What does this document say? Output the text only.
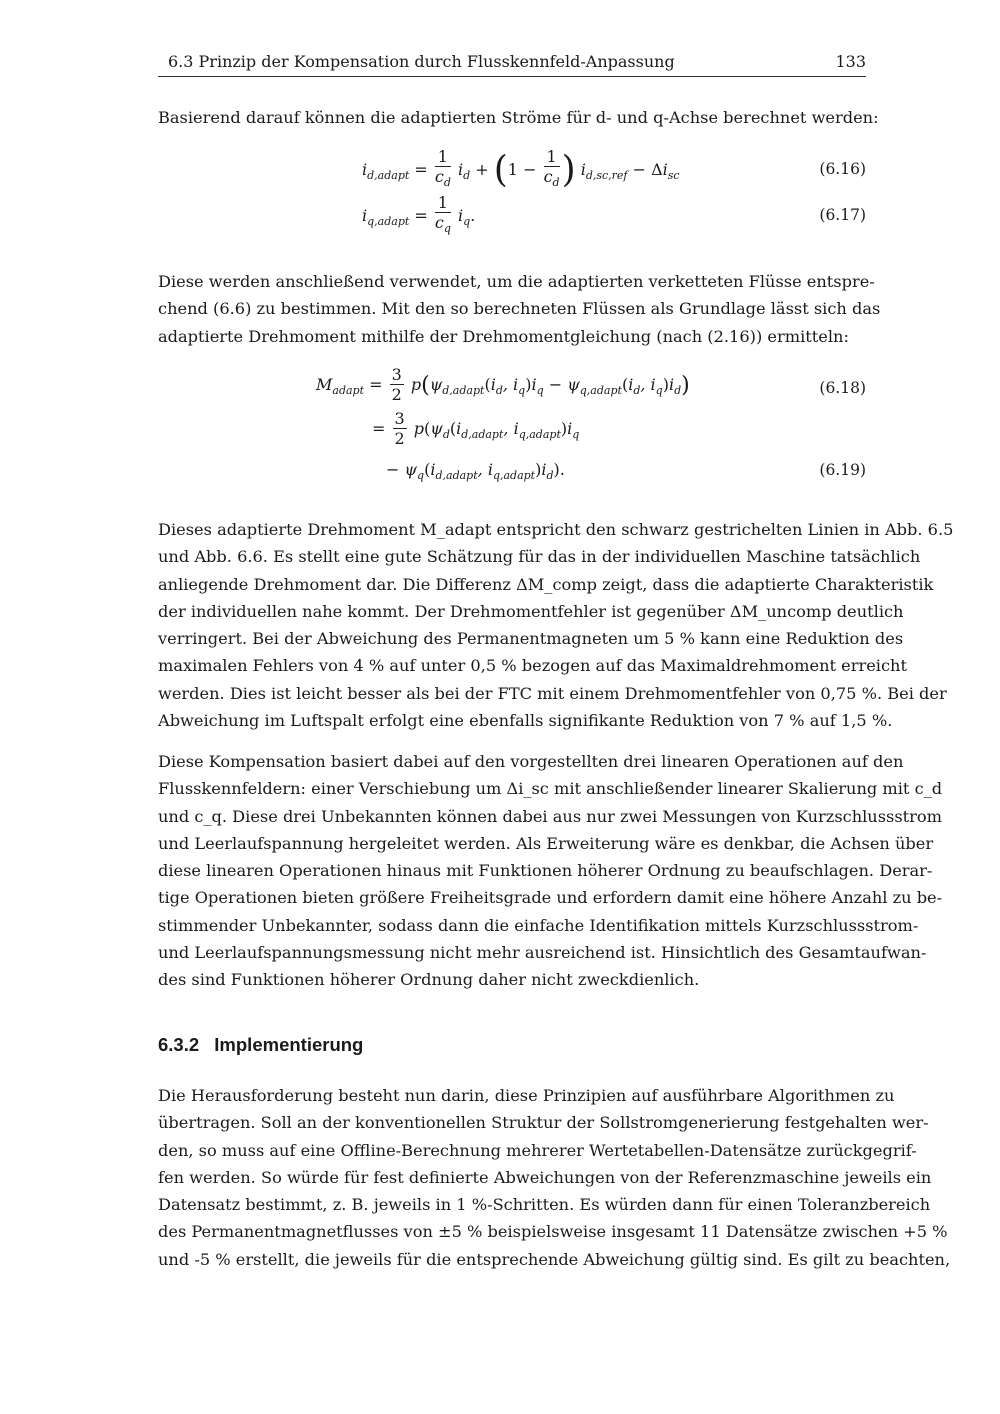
6.3 Prinzip der Kompensation durch Flusskennfeld-Anpassung	133
Basierend darauf können die adaptierten Ströme für d- und q-Achse berechnet werden:
$i_{d,adapt} = \frac{1}{c_d} i_d + (1 - \frac{1}{c_d}$ ) $i_{d,sc,ref} - \Delta i_{sc}$	(6.16)
$i_{q,adapt} = \frac{1}{c_q} i_q$.	(6.17)
Diese werden anschließend verwendet, um die adaptierten verketteten Flüsse entspre-
chend (6.6) zu bestimmen. Mit den so berechneten Flüssen als Grundlage lässt sich das
adaptierte Drehmoment mithilfe der Drehmomentgleichung (nach (2.16)) ermitteln:
$M_{adapt} = \frac{3}{2} p(\psi_{d,adapt}(i_d$, $i_q)i_q - \psi_{q,adapt}(i_d$, $i_q)i_d$)	(6.18)
= $\frac{3}{2} p(\psi_d(i_{d,adapt}$, $i_{q,adapt})i_q$
− $\psi_q(i_{d,adapt}$, $i_{q,adapt})i_d$).	(6.19)
Dieses adaptierte Drehmoment M_adapt entspricht den schwarz gestrichelten Linien in Abb. 6.5
und Abb. 6.6. Es stellt eine gute Schätzung für das in der individuellen Maschine tatsächlich
anliegende Drehmoment dar. Die Differenz ΔM_comp zeigt, dass die adaptierte Charakteristik
der individuellen nahe kommt. Der Drehmomentfehler ist gegenüber ΔM_uncomp deutlich
verringert. Bei der Abweichung des Permanentmagneten um 5 % kann eine Reduktion des
maximalen Fehlers von 4 % auf unter 0,5 % bezogen auf das Maximaldrehmoment erreicht
werden. Dies ist leicht besser als bei der FTC mit einem Drehmomentfehler von 0,75 %. Bei der
Abweichung im Luftspalt erfolgt eine ebenfalls signifikante Reduktion von 7 % auf 1,5 %.
Diese Kompensation basiert dabei auf den vorgestellten drei linearen Operationen auf den
Flusskennfeldern: einer Verschiebung um Δi_sc mit anschließender linearer Skalierung mit c_d
und c_q. Diese drei Unbekannten können dabei aus nur zwei Messungen von Kurzschlussstrom
und Leerlaufspannung hergeleitet werden. Als Erweiterung wäre es denkbar, die Achsen über
diese linearen Operationen hinaus mit Funktionen höherer Ordnung zu beaufschlagen. Derar-
tige Operationen bieten größere Freiheitsgrade und erfordern damit eine höhere Anzahl zu be-
stimmender Unbekannter, sodass dann die einfache Identifikation mittels Kurzschlussstrom-
und Leerlaufspannungsmessung nicht mehr ausreichend ist. Hinsichtlich des Gesamtaufwan-
des sind Funktionen höherer Ordnung daher nicht zweckdienlich.
6.3.2 Implementierung
Die Herausforderung besteht nun darin, diese Prinzipien auf ausführbare Algorithmen zu
übertragen. Soll an der konventionellen Struktur der Sollstromgenerierung festgehalten wer-
den, so muss auf eine Offline-Berechnung mehrerer Wertetabellen-Datensätze zurückgegrif-
fen werden. So würde für fest definierte Abweichungen von der Referenzmaschine jeweils ein
Datensatz bestimmt, z. B. jeweils in 1 %-Schritten. Es würden dann für einen Toleranzbereich
des Permanentmagnetflusses von ±5 % beispielsweise insgesamt 11 Datensätze zwischen +5 %
und -5 % erstellt, die jeweils für die entsprechende Abweichung gültig sind. Es gilt zu beachten,
